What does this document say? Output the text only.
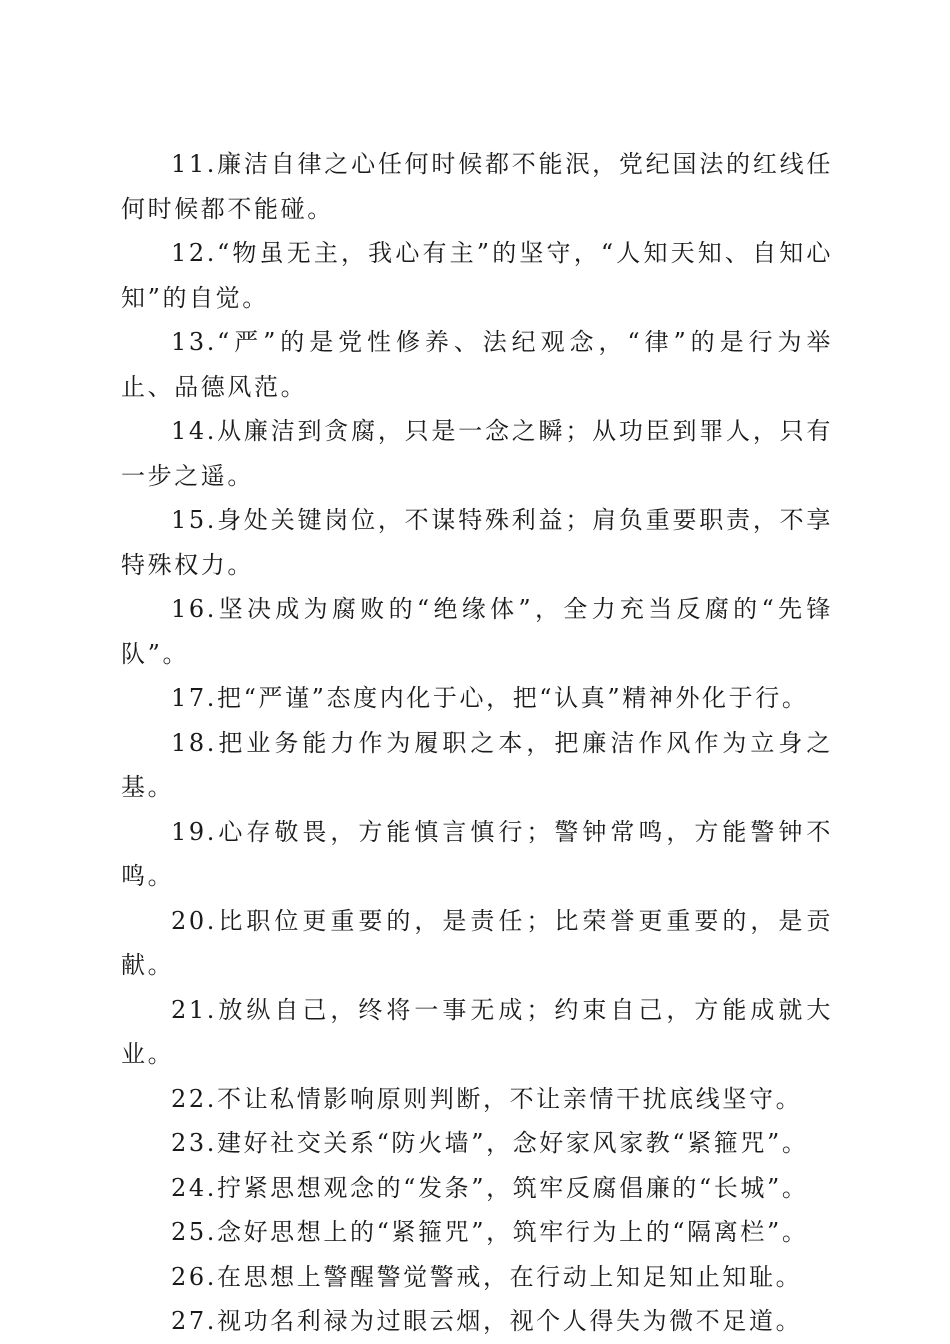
11.廉洁自律之心任何时候都不能泯，党纪国法的红线任何时候都不能碰。

12.“物虽无主，我心有主”的坚守，“人知天知、自知心知”的自觉。

13.“严”的是党性修养、法纪观念，“律”的是行为举止、品德风范。

14.从廉洁到贪腐，只是一念之瞬；从功臣到罪人，只有一步之遥。

15.身处关键岗位，不谋特殊利益；肩负重要职责，不享特殊权力。

16.坚决成为腐败的“绝缘体”，全力充当反腐的“先锋队”。

17.把“严谨”态度内化于心，把“认真”精神外化于行。

18.把业务能力作为履职之本，把廉洁作风作为立身之基。

19.心存敬畏，方能慎言慎行；警钟常鸣，方能警钟不鸣。

20.比职位更重要的，是责任；比荣誉更重要的，是贡献。

21.放纵自己，终将一事无成；约束自己，方能成就大业。

22.不让私情影响原则判断，不让亲情干扰底线坚守。

23.建好社交关系“防火墙”，念好家风家教“紧箍咒”。

24.拧紧思想观念的“发条”，筑牢反腐倡廉的“长城”。

25.念好思想上的“紧箍咒”，筑牢行为上的“隔离栏”。

26.在思想上警醒警觉警戒，在行动上知足知止知耻。

27.视功名利禄为过眼云烟，视个人得失为微不足道。
